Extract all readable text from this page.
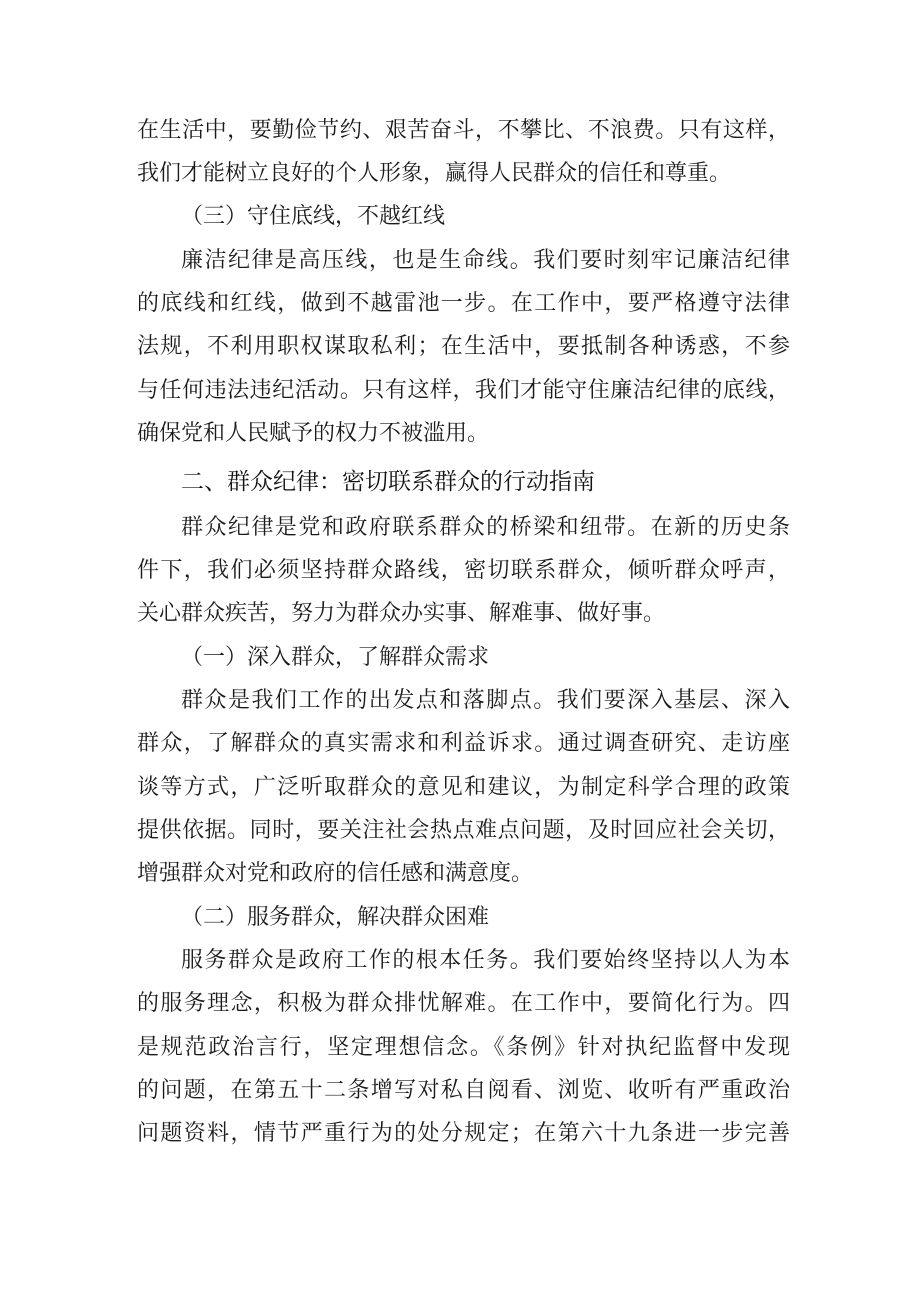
在生活中，要勤俭节约、艰苦奋斗，不攀比、不浪费。只有这样，
我们才能树立良好的个人形象，赢得人民群众的信任和尊重。
（三）守住底线，不越红线
廉洁纪律是高压线，也是生命线。我们要时刻牢记廉洁纪律
的底线和红线，做到不越雷池一步。在工作中，要严格遵守法律
法规，不利用职权谋取私利；在生活中，要抵制各种诱惑，不参
与任何违法违纪活动。只有这样，我们才能守住廉洁纪律的底线，
确保党和人民赋予的权力不被滥用。
二、群众纪律：密切联系群众的行动指南
群众纪律是党和政府联系群众的桥梁和纽带。在新的历史条
件下，我们必须坚持群众路线，密切联系群众，倾听群众呼声，
关心群众疾苦，努力为群众办实事、解难事、做好事。
（一）深入群众，了解群众需求
群众是我们工作的出发点和落脚点。我们要深入基层、深入
群众，了解群众的真实需求和利益诉求。通过调查研究、走访座
谈等方式，广泛听取群众的意见和建议，为制定科学合理的政策
提供依据。同时，要关注社会热点难点问题，及时回应社会关切，
增强群众对党和政府的信任感和满意度。
（二）服务群众，解决群众困难
服务群众是政府工作的根本任务。我们要始终坚持以人为本
的服务理念，积极为群众排忧解难。在工作中，要简化行为。四
是规范政治言行，坚定理想信念。《条例》针对执纪监督中发现
的问题，在第五十二条增写对私自阅看、浏览、收听有严重政治
问题资料，情节严重行为的处分规定；在第六十九条进一步完善
